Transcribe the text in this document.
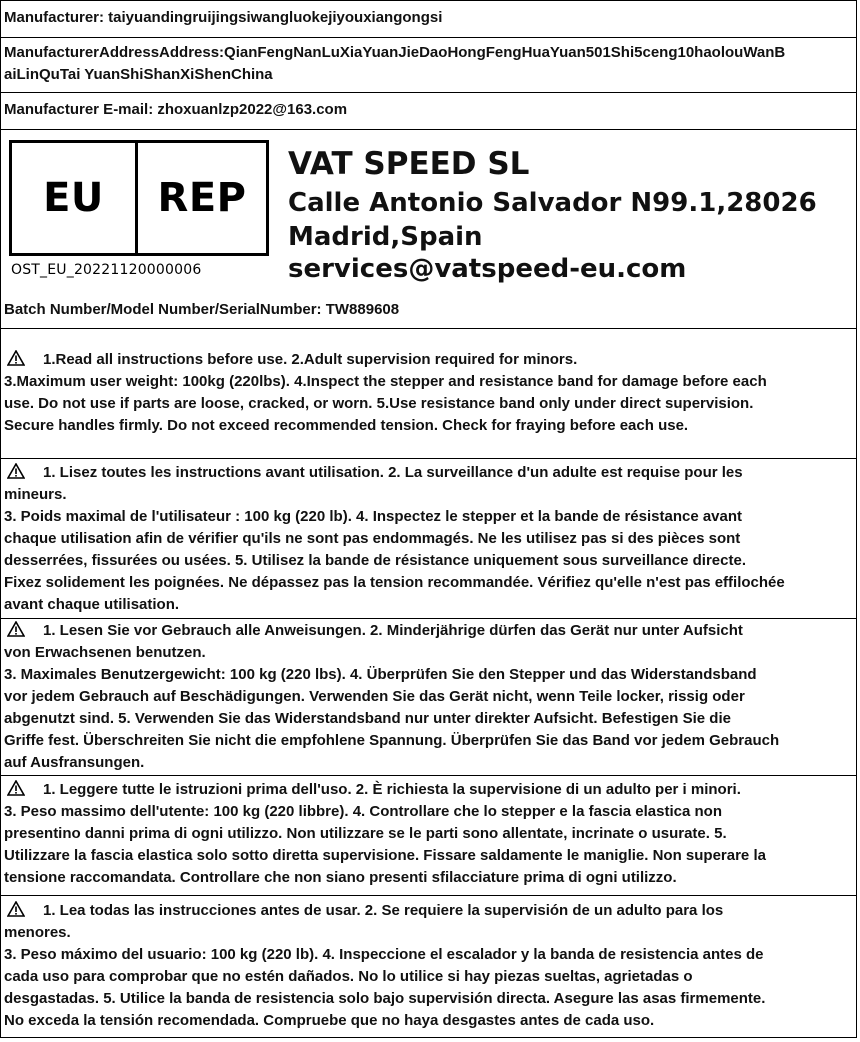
Manufacturer: taiyuandingruijingsiwangluokejiyouxiangongsi
ManufacturerAddressAddress:QianFengNanLuXiaYuanJieDaoHongFengHuaYuan501Shi5ceng10haolouWanB
aiLinQuTai YuanShiShanXiShenChina
Manufacturer E-mail: zhoxuanlzp2022@163.com
EU	REP
OST_EU_20221120000006
VAT SPEED SL
Calle Antonio Salvador N99.1,28026
Madrid,Spain
services@vatspeed-eu.com
Batch Number/Model Number/SerialNumber: TW889608

1.Read all instructions before use. 2.Adult supervision required for minors.

3.Maximum user weight: 100kg (220lbs). 4.Inspect the stepper and resistance band for damage before each

use. Do not use if parts are loose, cracked, or worn. 5.Use resistance band only under direct supervision.

Secure handles firmly. Do not exceed recommended tension. Check for fraying before each use.

1. Lisez toutes les instructions avant utilisation. 2. La surveillance d'un adulte est requise pour les

mineurs.

3. Poids maximal de l'utilisateur : 100 kg (220 lb). 4. Inspectez le stepper et la bande de résistance avant

chaque utilisation afin de vérifier qu'ils ne sont pas endommagés. Ne les utilisez pas si des pièces sont

desserrées, fissurées ou usées. 5. Utilisez la bande de résistance uniquement sous surveillance directe.

Fixez solidement les poignées. Ne dépassez pas la tension recommandée. Vérifiez qu'elle n'est pas effilochée

avant chaque utilisation.

1. Lesen Sie vor Gebrauch alle Anweisungen. 2. Minderjährige dürfen das Gerät nur unter Aufsicht

von Erwachsenen benutzen.

3. Maximales Benutzergewicht: 100 kg (220 lbs). 4. Überprüfen Sie den Stepper und das Widerstandsband

vor jedem Gebrauch auf Beschädigungen. Verwenden Sie das Gerät nicht, wenn Teile locker, rissig oder

abgenutzt sind. 5. Verwenden Sie das Widerstandsband nur unter direkter Aufsicht. Befestigen Sie die

Griffe fest. Überschreiten Sie nicht die empfohlene Spannung. Überprüfen Sie das Band vor jedem Gebrauch

auf Ausfransungen.

1. Leggere tutte le istruzioni prima dell'uso. 2. È richiesta la supervisione di un adulto per i minori.

3. Peso massimo dell'utente: 100 kg (220 libbre). 4. Controllare che lo stepper e la fascia elastica non

presentino danni prima di ogni utilizzo. Non utilizzare se le parti sono allentate, incrinate o usurate. 5.

Utilizzare la fascia elastica solo sotto diretta supervisione. Fissare saldamente le maniglie. Non superare la

tensione raccomandata. Controllare che non siano presenti sfilacciature prima di ogni utilizzo.

1. Lea todas las instrucciones antes de usar. 2. Se requiere la supervisión de un adulto para los

menores.

3. Peso máximo del usuario: 100 kg (220 lb). 4. Inspeccione el escalador y la banda de resistencia antes de

cada uso para comprobar que no estén dañados. No lo utilice si hay piezas sueltas, agrietadas o

desgastadas. 5. Utilice la banda de resistencia solo bajo supervisión directa. Asegure las asas firmemente.

No exceda la tensión recomendada. Compruebe que no haya desgastes antes de cada uso.
